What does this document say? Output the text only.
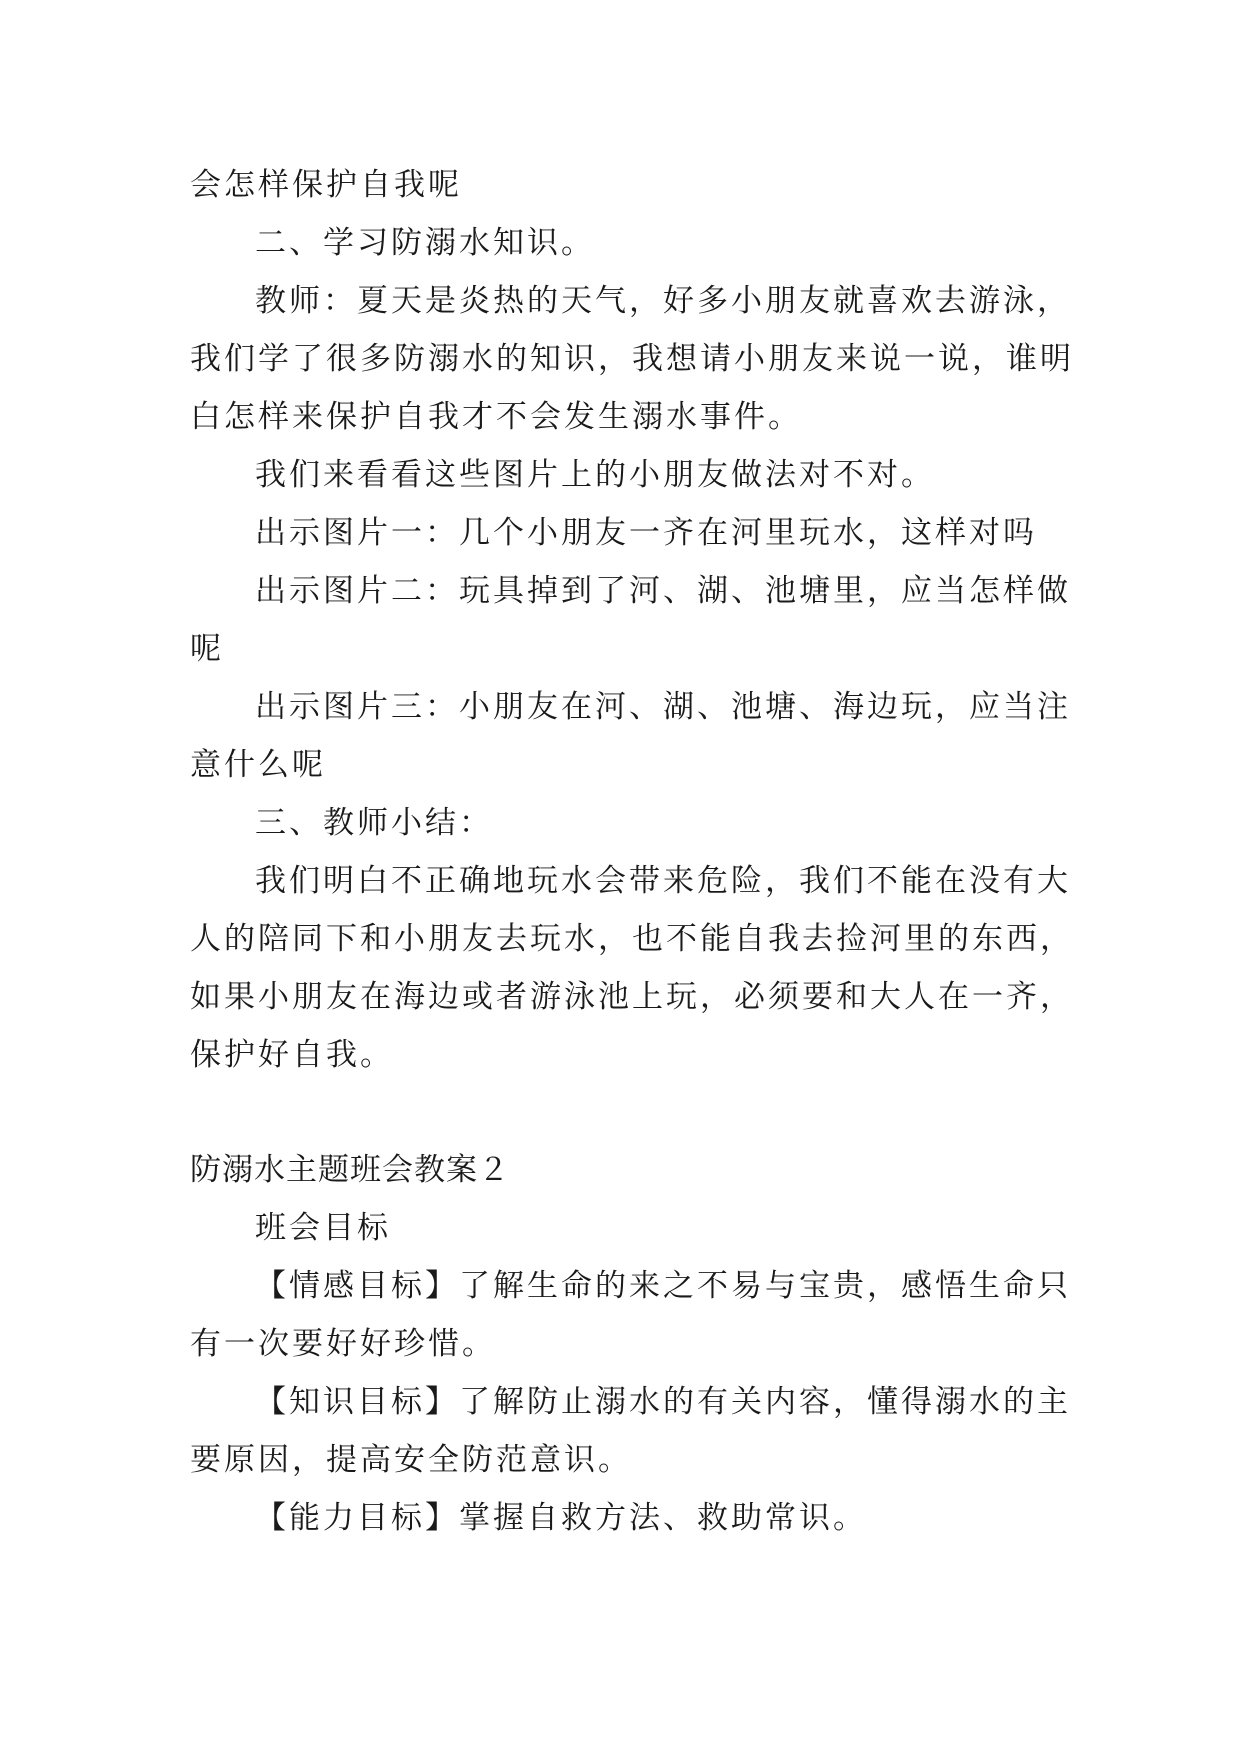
会怎样保护自我呢
二、学习防溺水知识。
教师：夏天是炎热的天气，好多小朋友就喜欢去游泳，
我们学了很多防溺水的知识，我想请小朋友来说一说，谁明
白怎样来保护自我才不会发生溺水事件。
我们来看看这些图片上的小朋友做法对不对。
出示图片一：几个小朋友一齐在河里玩水，这样对吗
出示图片二：玩具掉到了河、湖、池塘里，应当怎样做
呢
出示图片三：小朋友在河、湖、池塘、海边玩，应当注
意什么呢
三、教师小结：
我们明白不正确地玩水会带来危险，我们不能在没有大
人的陪同下和小朋友去玩水，也不能自我去捡河里的东西，
如果小朋友在海边或者游泳池上玩，必须要和大人在一齐，
保护好自我。
防溺水主题班会教案２
班会目标
【情感目标】了解生命的来之不易与宝贵，感悟生命只
有一次要好好珍惜。
【知识目标】了解防止溺水的有关内容，懂得溺水的主
要原因，提高安全防范意识。
【能力目标】掌握自救方法、救助常识。
